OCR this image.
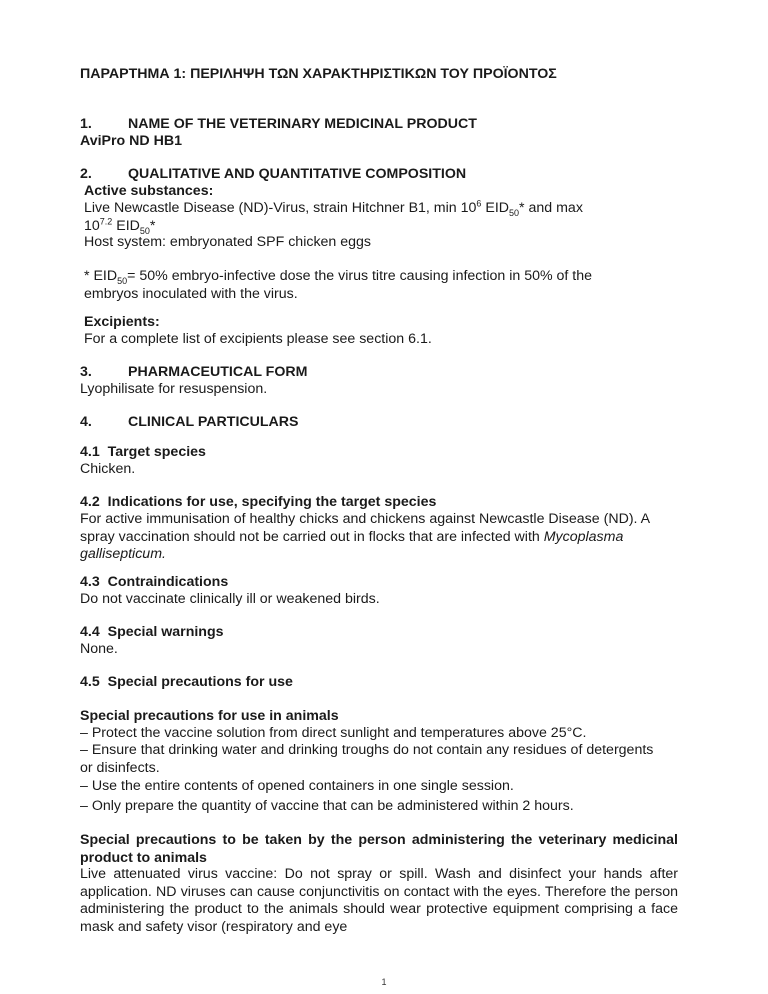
ΠΑΡΑΡΤΗΜΑ 1: ΠΕΡΙΛΗΨΗ ΤΩΝ ΧΑΡΑΚΤΗΡΙΣΤΙΚΩΝ ΤΟΥ ΠΡΟΪΟΝΤΟΣ
1.	NAME OF THE VETERINARY MEDICINAL PRODUCT
AviPro ND HB1
2.	QUALITATIVE AND QUANTITATIVE COMPOSITION
Active substances:

Live Newcastle Disease (ND)-Virus, strain Hitchner B1, $\min 10^6$ $EID_{50}*$ and max

$10^{7.2}$ $EID_{50}*$

Host system: embryonated SPF chicken eggs

* $EID_{50}= 50\%$ embryo-infective dose the virus titre causing infection in 50% of the

embryos inoculated with the virus.

Excipients:
For a complete list of excipients please see section 6.1.
3.	PHARMACEUTICAL FORM
Lyophilisate for resuspension.
4.	CLINICAL PARTICULARS
4.1 Target species
Chicken.
4.2 Indications for use, specifying the target species
For active immunisation of healthy chicks and chickens against Newcastle Disease (ND). A spray vaccination should not be carried out in flocks that are infected with Mycoplasma gallisepticum.
4.3 Contraindications
Do not vaccinate clinically ill or weakened birds.
4.4 Special warnings
None.
4.5 Special precautions for use
Special precautions for use in animals
– Protect the vaccine solution from direct sunlight and temperatures above 25°C.
– Ensure that drinking water and drinking troughs do not contain any residues of detergents or disinfects.
– Use the entire contents of opened containers in one single session.
– Only prepare the quantity of vaccine that can be administered within 2 hours.
Special precautions to be taken by the person administering the veterinary medicinal product to animals
Live attenuated virus vaccine: Do not spray or spill. Wash and disinfect your hands after application. ND viruses can cause conjunctivitis on contact with the eyes. Therefore the person administering the product to the animals should wear protective equipment comprising a face mask and safety visor (respiratory and eye
1
